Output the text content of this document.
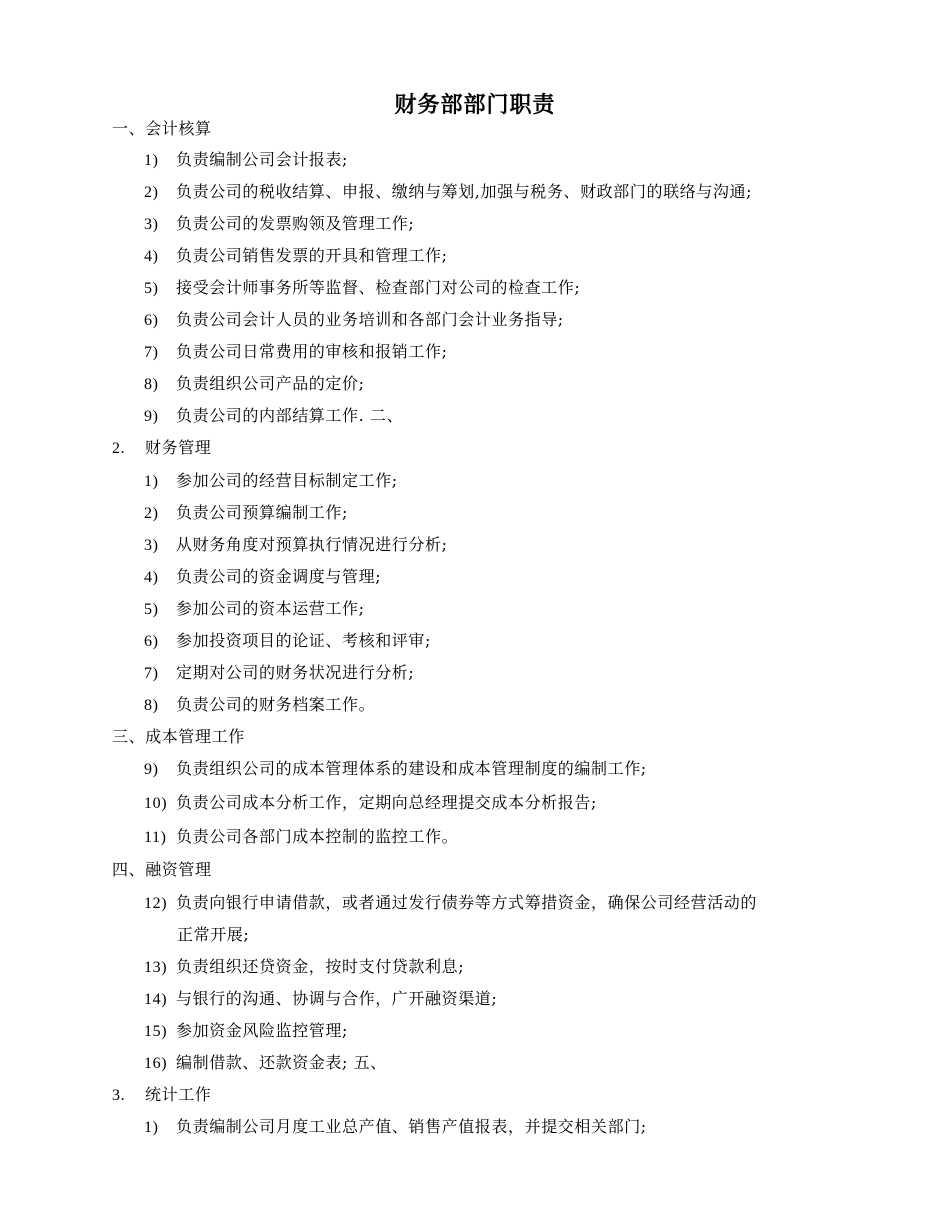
财务部部门职责
一、会计核算
1) 负责编制公司会计报表;
2) 负责公司的税收结算、申报、缴纳与筹划,加强与税务、财政部门的联络与沟通;
3) 负责公司的发票购领及管理工作;
4) 负责公司销售发票的开具和管理工作;
5) 接受会计师事务所等监督、检查部门对公司的检查工作;
6) 负责公司会计人员的业务培训和各部门会计业务指导;
7) 负责公司日常费用的审核和报销工作;
8) 负责组织公司产品的定价;
9) 负责公司的内部结算工作. 二、
2. 财务管理
1) 参加公司的经营目标制定工作;
2) 负责公司预算编制工作;
3) 从财务角度对预算执行情况进行分析;
4) 负责公司的资金调度与管理;
5) 参加公司的资本运营工作;
6) 参加投资项目的论证、考核和评审;
7) 定期对公司的财务状况进行分析;
8) 负责公司的财务档案工作。
三、成本管理工作
9) 负责组织公司的成本管理体系的建设和成本管理制度的编制工作;
10) 负责公司成本分析工作，定期向总经理提交成本分析报告;
11) 负责公司各部门成本控制的监控工作。
四、融资管理
12) 负责向银行申请借款，或者通过发行债券等方式筹措资金，确保公司经营活动的
正常开展;
13) 负责组织还贷资金，按时支付贷款利息;
14) 与银行的沟通、协调与合作，广开融资渠道;
15) 参加资金风险监控管理;
16) 编制借款、还款资金表; 五、
3. 统计工作
1) 负责编制公司月度工业总产值、销售产值报表，并提交相关部门;
